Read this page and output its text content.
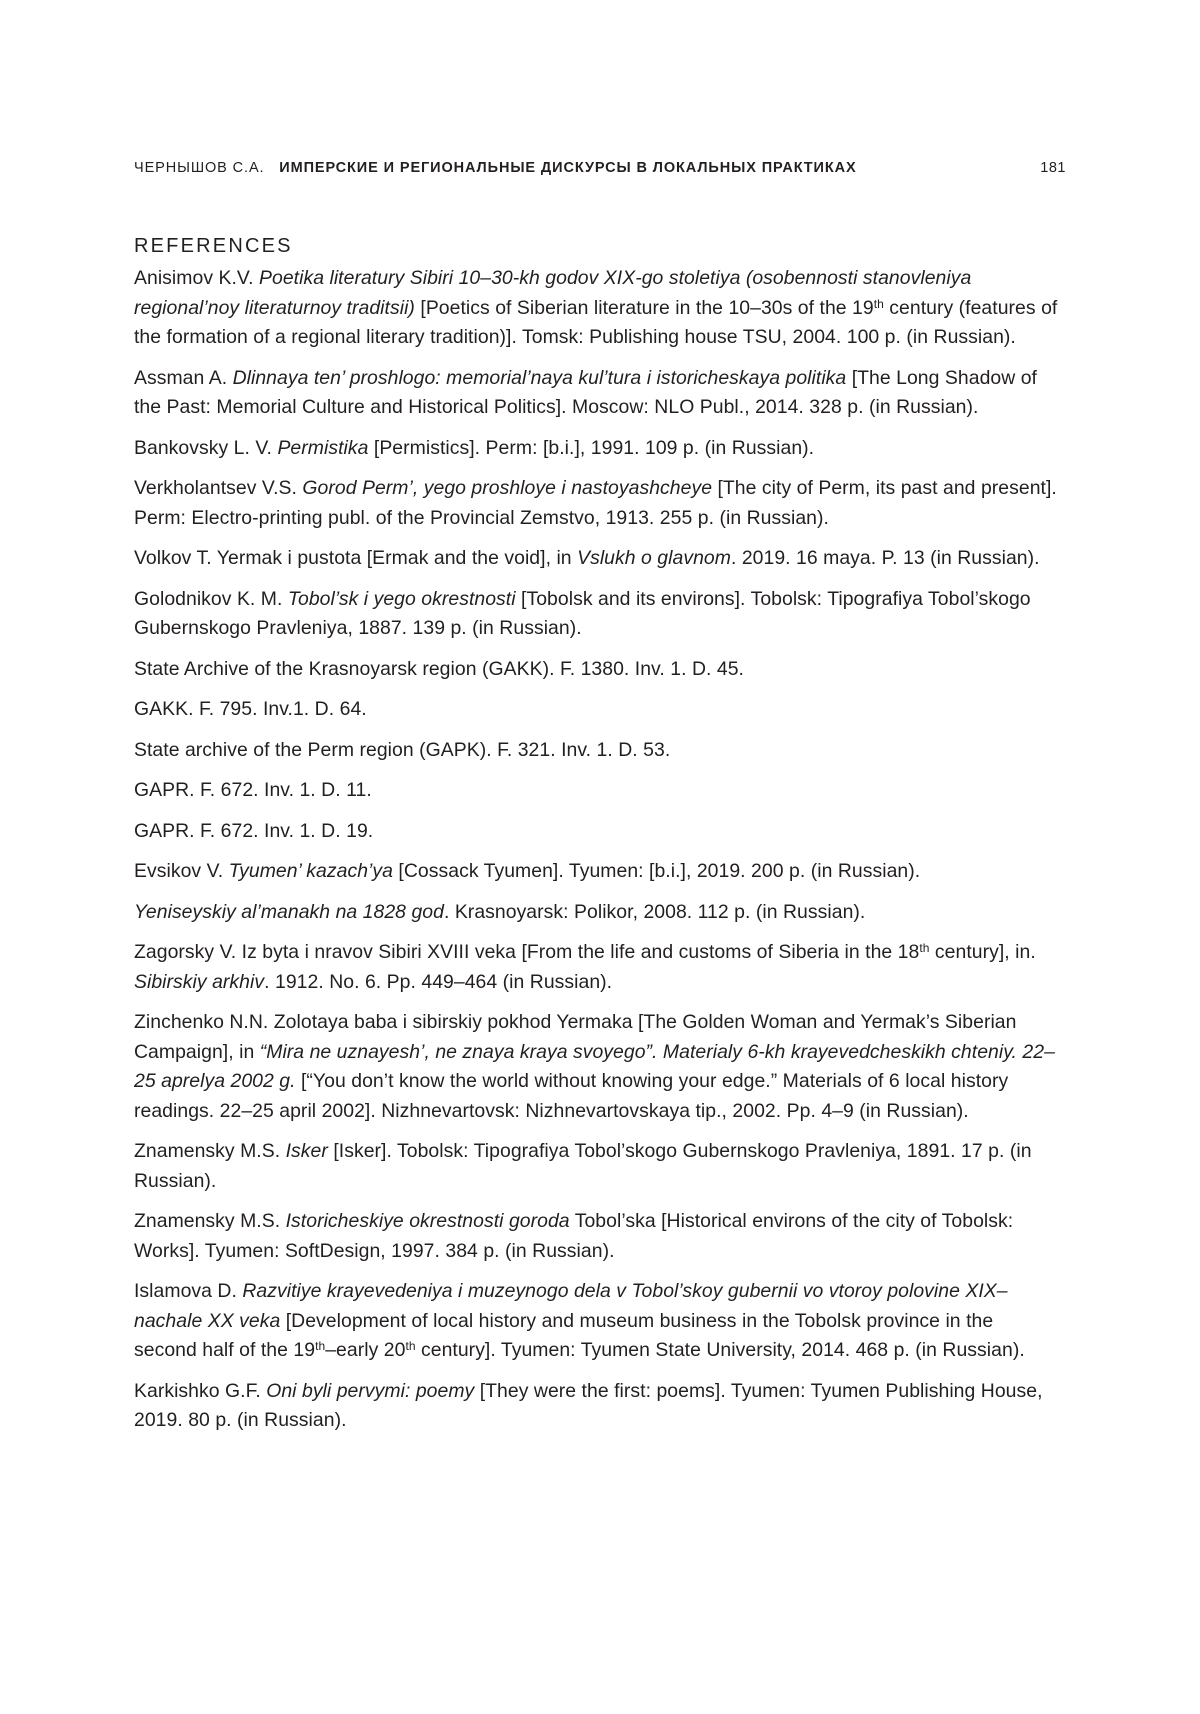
ЧЕРНЫШОВ С.А. ИМПЕРСКИЕ И РЕГИОНАЛЬНЫЕ ДИСКУРСЫ В ЛОКАЛЬНЫХ ПРАКТИКАХ	181
REFERENCES

Anisimov K.V. Poetika literatury Sibiri 10–30-kh godov XIX-go stoletiya (osobennosti stanovleniya regional’noy literaturnoy traditsii) [Poetics of Siberian literature in the 10–30s of the 19th century (features of the formation of a regional literary tradition)]. Tomsk: Publishing house TSU, 2004. 100 p. (in Russian).

Assman A. Dlinnaya ten’ proshlogo: memorial’naya kul’tura i istoricheskaya politika [The Long Shadow of the Past: Memorial Culture and Historical Politics]. Moscow: NLO Publ., 2014. 328 p. (in Russian).

Bankovsky L. V. Permistika [Permistics]. Perm: [b.i.], 1991. 109 p. (in Russian).

Verkholantsev V.S. Gorod Perm’, yego proshloye i nastoyashcheye [The city of Perm, its past and present]. Perm: Electro-printing publ. of the Provincial Zemstvo, 1913. 255 p. (in Russian).

Volkov T. Yermak i pustota [Ermak and the void], in Vslukh o glavnom. 2019. 16 maya. P. 13 (in Russian).

Golodnikov K. M. Tobol’sk i yego okrestnosti [Tobolsk and its environs]. Tobolsk: Tipografiya Tobol’skogo Gubernskogo Pravleniya, 1887. 139 p. (in Russian).

State Archive of the Krasnoyarsk region (GAKK). F. 1380. Inv. 1. D. 45.

GAKK. F. 795. Inv.1. D. 64.

State archive of the Perm region (GAPK). F. 321. Inv. 1. D. 53.

GAPR. F. 672. Inv. 1. D. 11.

GAPR. F. 672. Inv. 1. D. 19.

Evsikov V. Tyumen’ kazach’ya [Cossack Tyumen]. Tyumen: [b.i.], 2019. 200 p. (in Russian).

Yeniseyskiy al’manakh na 1828 god. Krasnoyarsk: Polikor, 2008. 112 p. (in Russian).

Zagorsky V. Iz byta i nravov Sibiri XVIII veka [From the life and customs of Siberia in the 18th century], in. Sibirskiy arkhiv. 1912. No. 6. Pp. 449–464 (in Russian).

Zinchenko N.N. Zolotaya baba i sibirskiy pokhod Yermaka [The Golden Woman and Yermak’s Siberian Campaign], in “Mira ne uznayesh’, ne znaya kraya svoyego”. Materialy 6-kh krayevedcheskikh chteniy. 22–25 aprelya 2002 g. [“You don’t know the world without knowing your edge.” Materials of 6 local history readings. 22–25 april 2002]. Nizhnevartovsk: Nizhnevartovskaya tip., 2002. Pp. 4–9 (in Russian).

Znamensky M.S. Isker [Isker]. Tobolsk: Tipografiya Tobol’skogo Gubernskogo Pravleniya, 1891. 17 p. (in Russian).

Znamensky M.S. Istoricheskiye okrestnosti goroda Tobol’ska [Historical environs of the city of Tobolsk: Works]. Tyumen: SoftDesign, 1997. 384 p. (in Russian).

Islamova D. Razvitiye krayevedeniya i muzeynogo dela v Tobol’skoy gubernii vo vtoroy polovine XIX–nachale XX veka [Development of local history and museum business in the Tobolsk province in the second half of the 19th–early 20th century]. Tyumen: Tyumen State University, 2014. 468 p. (in Russian).

Karkishko G.F. Oni byli pervymi: poemy [They were the first: poems]. Tyumen: Tyumen Publishing House, 2019. 80 p. (in Russian).
